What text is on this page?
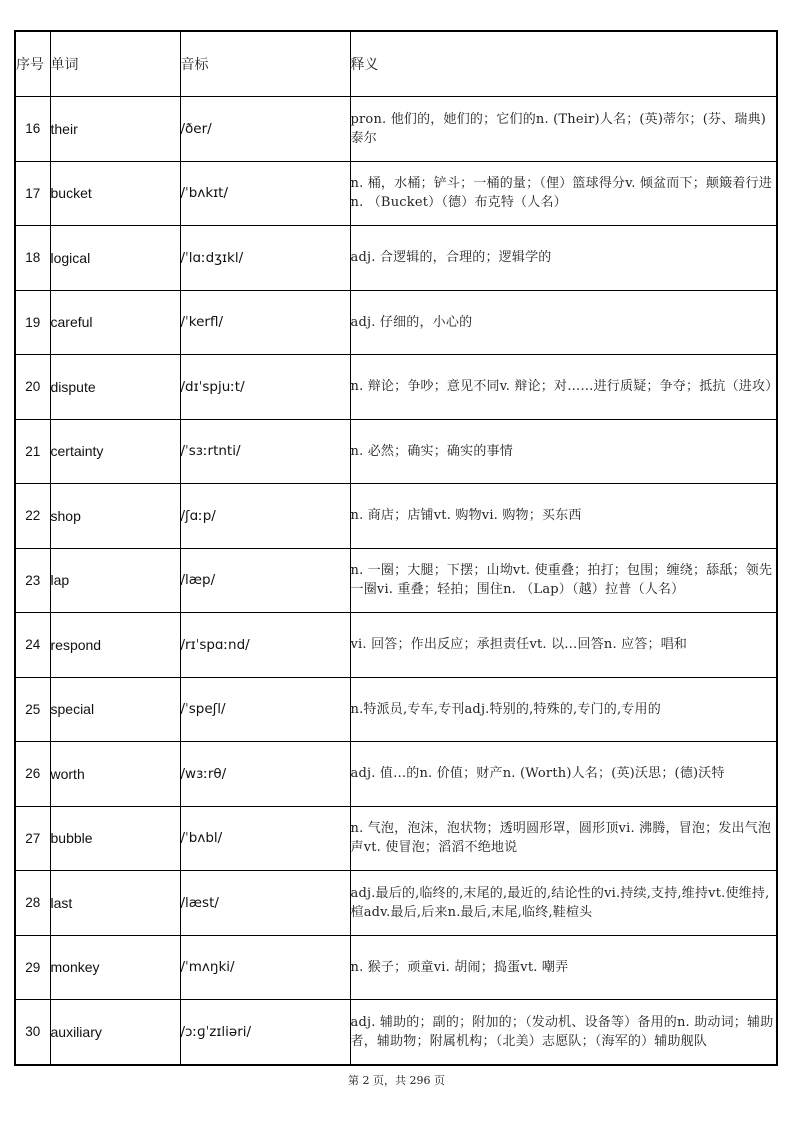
序号	单词	音标	释义
16	their	/ðer/	pron. 他们的，她们的；它们的n. (Their)人名；(英)蒂尔；(芬、瑞典)泰尔
17	bucket	/ˈbʌkɪt/	n. 桶，水桶；铲斗；一桶的量；（俚）篮球得分v. 倾盆而下；颠簸着行进n. （Bucket）（德）布克特（人名）
18	logical	/ˈlɑːdʒɪkl/	adj. 合逻辑的，合理的；逻辑学的
19	careful	/ˈkerfl/	adj. 仔细的，小心的
20	dispute	/dɪˈspjuːt/	n. 辩论；争吵；意见不同v. 辩论；对……进行质疑；争夺；抵抗（进攻）
21	certainty	/ˈsɜːrtnti/	n. 必然；确实；确实的事情
22	shop	/ʃɑːp/	n. 商店；店铺vt. 购物vi. 购物；买东西
23	lap	/læp/	n. 一圈；大腿；下摆；山坳vt. 使重叠；拍打；包围；缠绕；舔舐；领先一圈vi. 重叠；轻拍；围住n. （Lap）（越）拉普（人名）
24	respond	/rɪˈspɑːnd/	vi. 回答；作出反应；承担责任vt. 以…回答n. 应答；唱和
25	special	/ˈspeʃl/	n.特派员,专车,专刊adj.特别的,特殊的,专门的,专用的
26	worth	/wɜːrθ/	adj. 值…的n. 价值；财产n. (Worth)人名；(英)沃思；(德)沃特
27	bubble	/ˈbʌbl/	n. 气泡，泡沫，泡状物；透明圆形罩，圆形顶vi. 沸腾，冒泡；发出气泡声vt. 使冒泡；滔滔不绝地说
28	last	/læst/	adj.最后的,临终的,末尾的,最近的,结论性的vi.持续,支持,维持vt.使维持,楦adv.最后,后来n.最后,末尾,临终,鞋楦头
29	monkey	/ˈmʌŋki/	n. 猴子；顽童vi. 胡闹；捣蛋vt. 嘲弄
30	auxiliary	/ɔːɡˈzɪliəri/	adj. 辅助的；副的；附加的；（发动机、设备等）备用的n. 助动词；辅助者，辅助物；附属机构；（北美）志愿队；（海军的）辅助舰队
第 2 页，共 296 页
